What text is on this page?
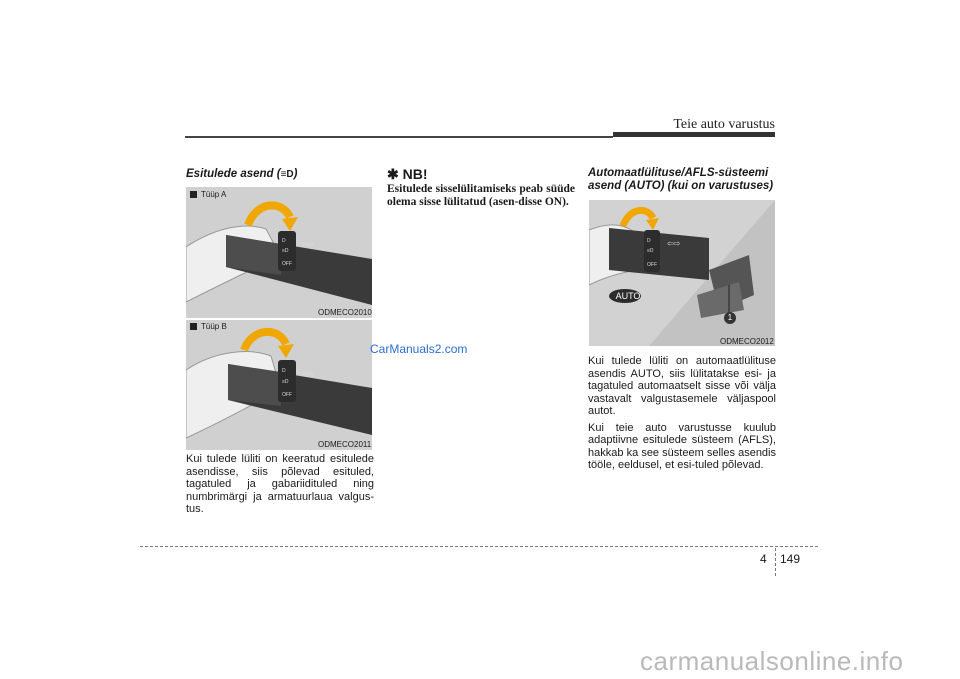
Teie auto varustus
Esitulede asend (≡D)
D
≡D
OFF
⇦⇨
Tüüp A
ODMECO2010
D
≡D
OFF
⇦⇨
Tüüp B
ODMECO2011
Kui tulede lüliti on keeratud esitulede asendisse, siis põlevad esituled, tagatuled ja gabariidituled ning numbrimärgi ja armatuurlaua valgus-tus.
✱ NB!
Esitulede sisselülitamiseks peab süüde olema sisse lülitatud (asen-disse ON).
Automaatlülituse/AFLS-süsteemi
asend (AUTO) (kui on varustuses)
D
≡D
OFF
⇦⇨
AUTO
1
ODMECO2012

Kui tulede lüliti on automaatlülituse asendis AUTO, siis lülitatakse esi- ja tagatuled automaatselt sisse või välja vastavalt valgustasemele väljaspool autot.

Kui teie auto varustusse kuulub adaptiivne esitulede süsteem (AFLS), hakkab ka see süsteem selles asendis tööle, eeldusel, et esi-tuled põlevad.

CarManuals2.com
4 149
carmanualsonline.info
